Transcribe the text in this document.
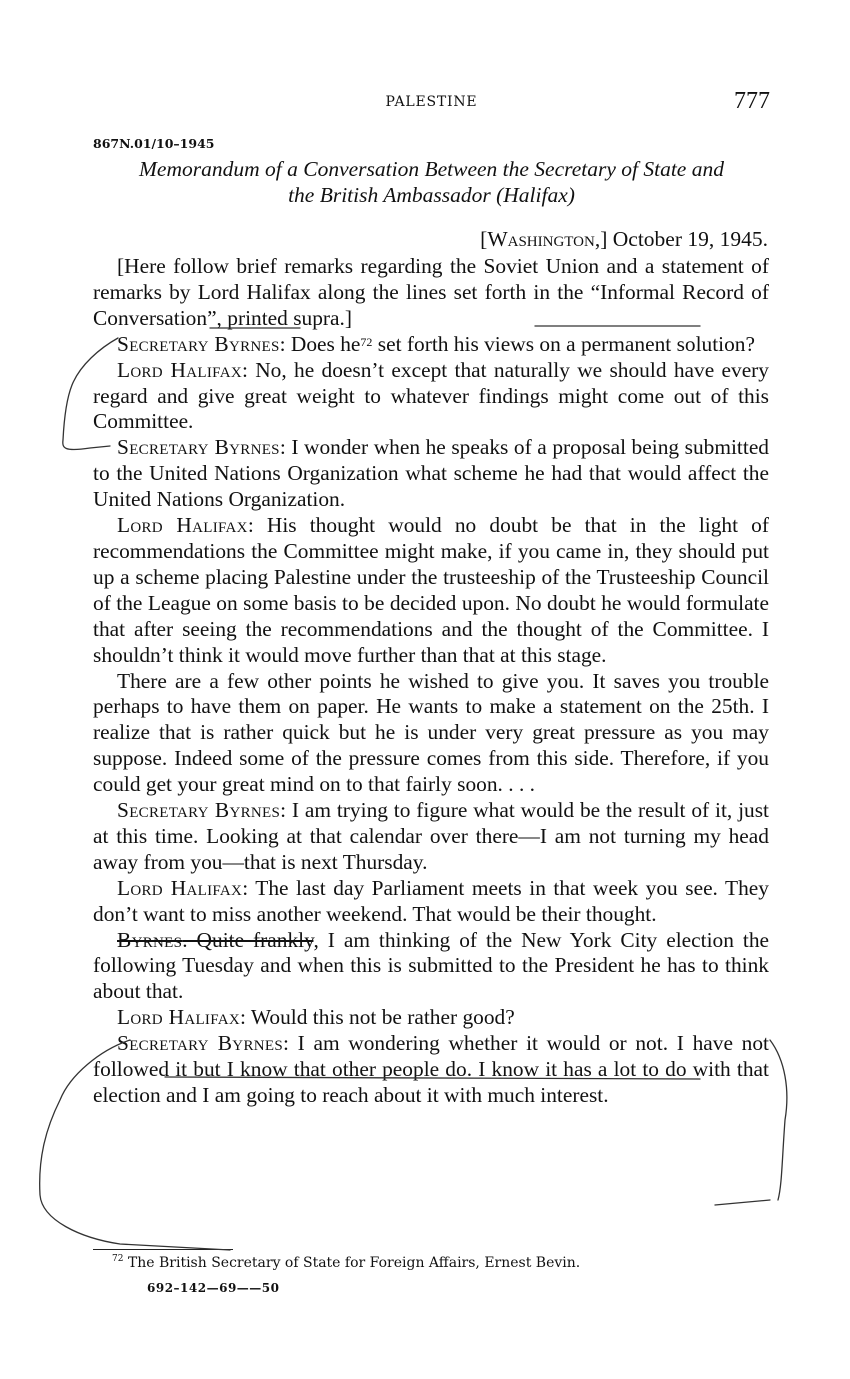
PALESTINE	777
867N.01/10–1945
Memorandum of a Conversation Between the Secretary of State and
the British Ambassador (Halifax)
[Washington,] October 19, 1945.

[Here follow brief remarks regarding the Soviet Union and a statement of remarks by Lord Halifax along the lines set forth in the “Informal Record of Conversation”, printed supra.]

Secretary Byrnes: Does $he^{72}$ set forth his views on a permanent solution?

Lord Halifax: No, he doesn’t except that naturally we should have every regard and give great weight to whatever findings might come out of this Committee.

Secretary Byrnes: I wonder when he speaks of a proposal being submitted to the United Nations Organization what scheme he had that would affect the United Nations Organization.

Lord Halifax: His thought would no doubt be that in the light of recommendations the Committee might make, if you came in, they should put up a scheme placing Palestine under the trusteeship of the Trusteeship Council of the League on some basis to be decided upon. No doubt he would formulate that after seeing the recommendations and the thought of the Committee. I shouldn’t think it would move further than that at this stage.

There are a few other points he wished to give you. It saves you trouble perhaps to have them on paper. He wants to make a statement on the 25th. I realize that is rather quick but he is under very great pressure as you may suppose. Indeed some of the pressure comes from this side. Therefore, if you could get your great mind on to that fairly soon. . . .

Secretary Byrnes: I am trying to figure what would be the result of it, just at this time. Looking at that calendar over there—I am not turning my head away from you—that is next Thursday.

Lord Halifax: The last day Parliament meets in that week you see. They don’t want to miss another weekend. That would be their thought.

Byrnes. Quite frankly, I am thinking of the New York City election the following Tuesday and when this is submitted to the President he has to think about that.

Lord Halifax: Would this not be rather good?

Secretary Byrnes: I am wondering whether it would or not. I have not followed it but I know that other people do. I know it has a lot to do with that election and I am going to reach about it with much interest.

$^{72}$ The British Secretary of State for Foreign Affairs, Ernest Bevin.
692–142—69——50
